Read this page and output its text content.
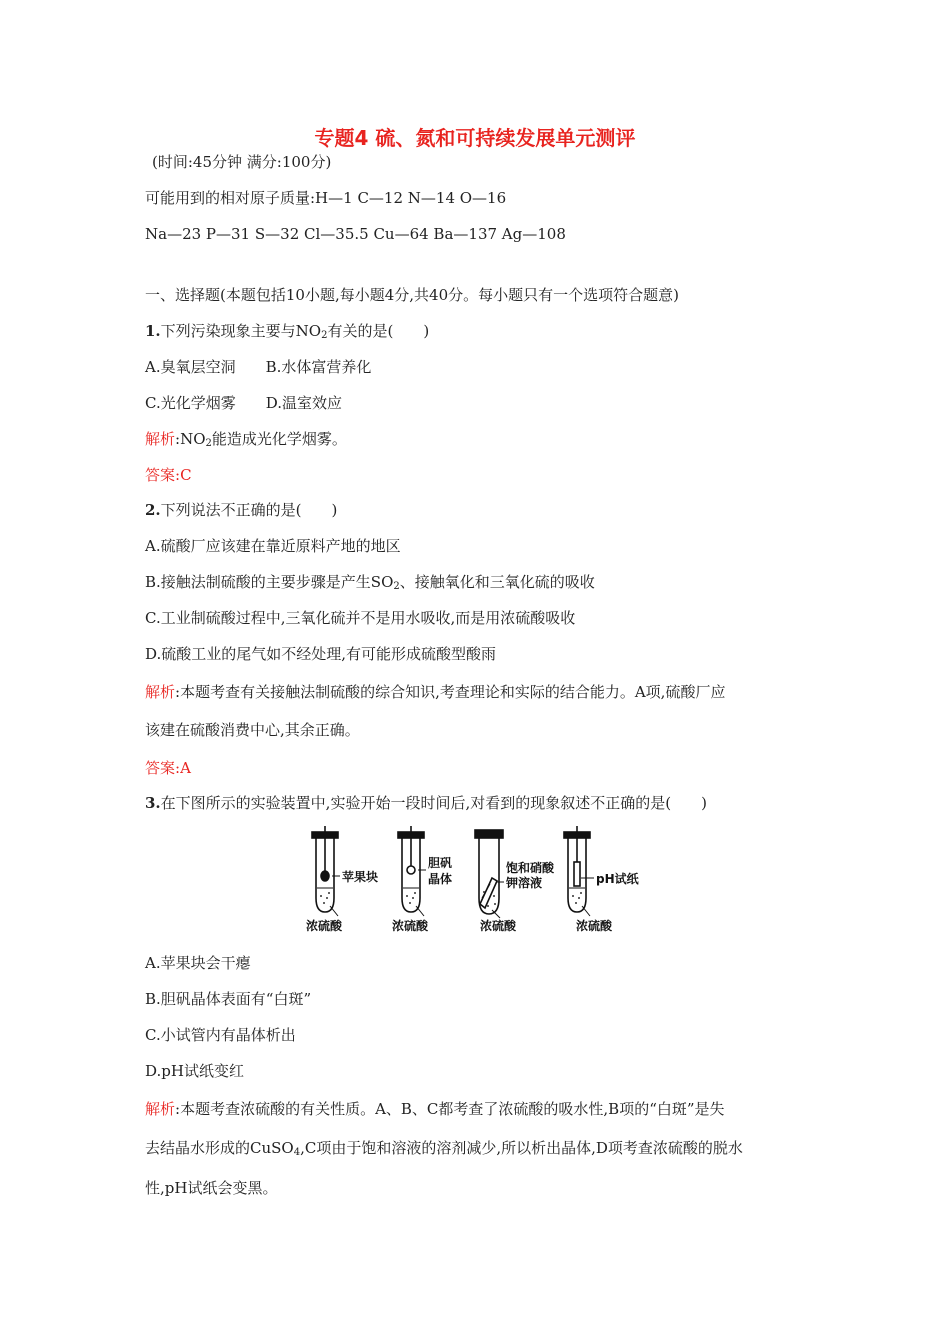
专题4 硫、氮和可持续发展单元测评
(时间:45分钟 满分:100分)
可能用到的相对原子质量:H—1 C—12 N—14 O—16
Na—23 P—31 S—32 Cl—35.5 Cu—64 Ba—137 Ag—108
一、选择题(本题包括10小题,每小题4分,共40分。每小题只有一个选项符合题意)
1.下列污染现象主要与$NO_2$有关的是(　　)
A.臭氧层空洞　　B.水体富营养化
C.光化学烟雾　　D.温室效应
解析$:NO_2$能造成光化学烟雾。
答案:C
2.下列说法不正确的是(　　)
A.硫酸厂应该建在靠近原料产地的地区
B.接触法制硫酸的主要步骤是产生$SO_2$、接触氧化和三氧化硫的吸收
C.工业制硫酸过程中,三氧化硫并不是用水吸收,而是用浓硫酸吸收
D.硫酸工业的尾气如不经处理,有可能形成硫酸型酸雨
解析:本题考查有关接触法制硫酸的综合知识,考查理论和实际的结合能力。A项,硫酸厂应
该建在硫酸消费中心,其余正确。
答案:A
3.在下图所示的实验装置中,实验开始一段时间后,对看到的现象叙述不正确的是(　　)
苹果块
胆矾
晶体
饱和硝酸
钾溶液	pH试纸
浓硫酸	浓硫酸	浓硫酸	浓硫酸
A.苹果块会干瘪
B.胆矾晶体表面有“白斑”
C.小试管内有晶体析出
D.pH试纸变红
解析:本题考查浓硫酸的有关性质。A、B、C都考查了浓硫酸的吸水性,B项的“白斑”是失
去结晶水形成的CuSO$_4$,C项由于饱和溶液的溶剂减少,所以析出晶体,D项考查浓硫酸的脱水
性,pH试纸会变黑。
